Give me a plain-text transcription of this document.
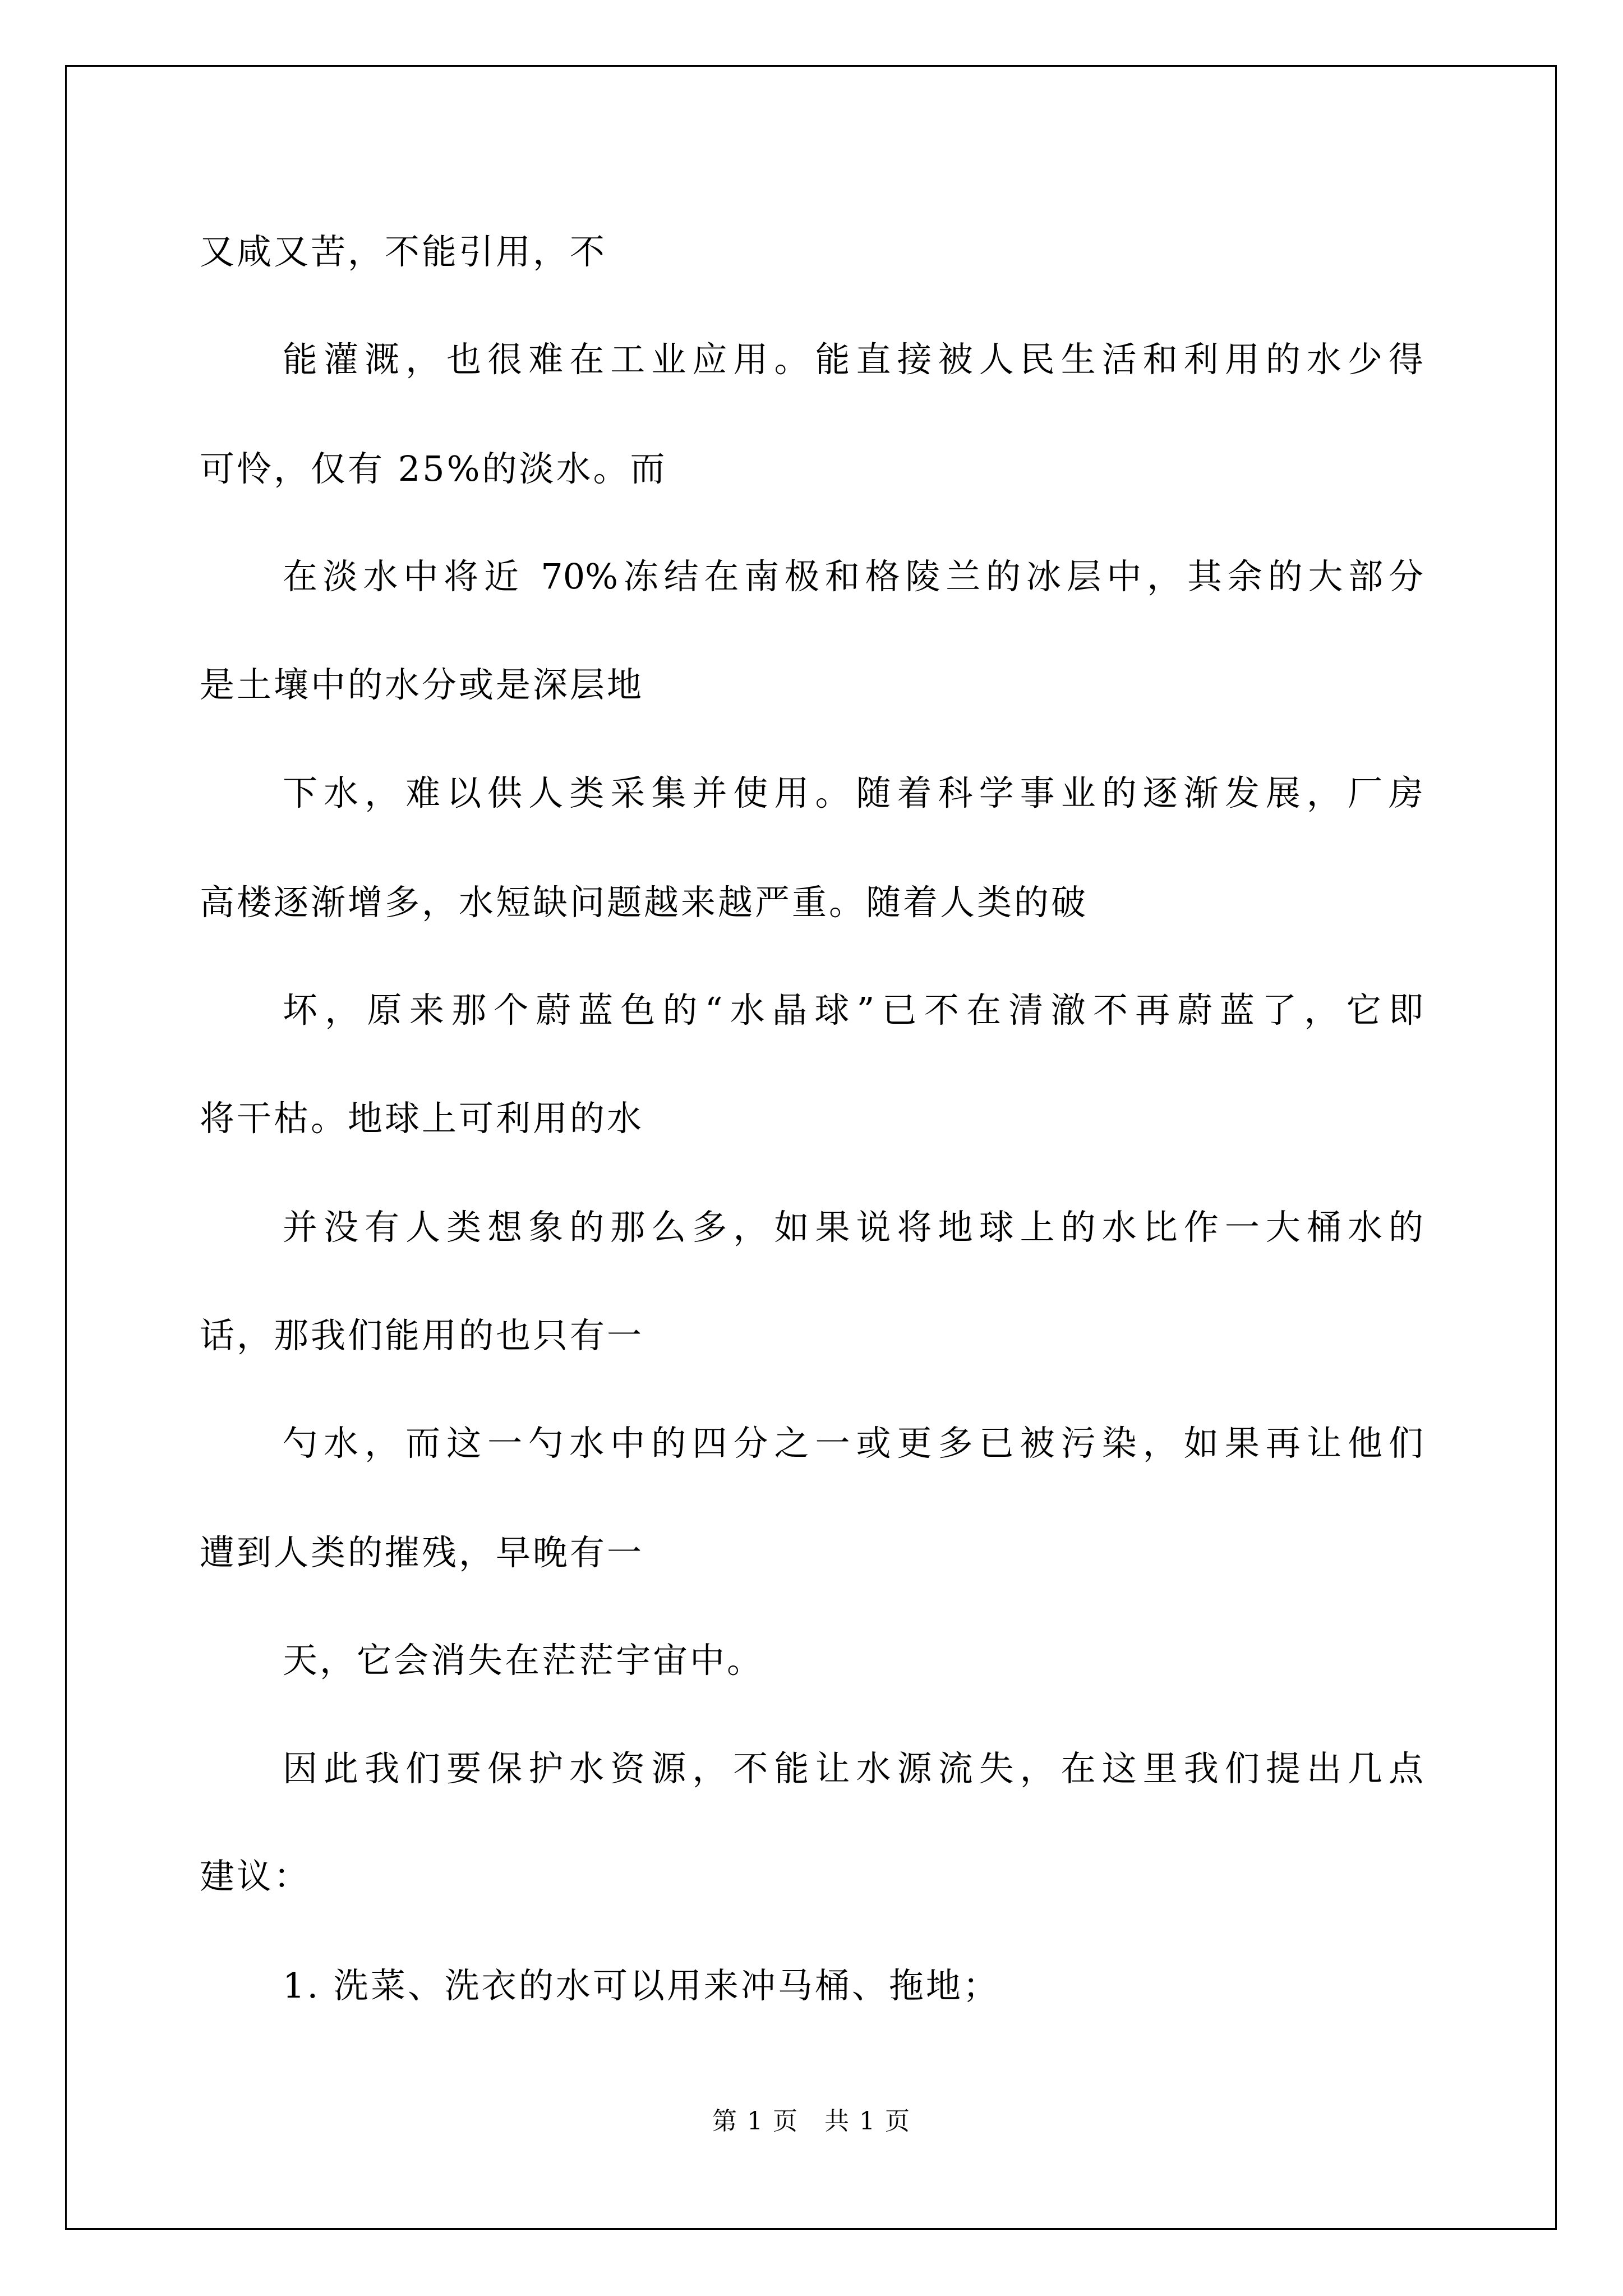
又咸又苦，不能引用，不
能灌溉，也很难在工业应用。能直接被人民生活和利用的水少得
可怜，仅有 25%的淡水。而
在淡水中将近 70%冻结在南极和格陵兰的冰层中，其余的大部分
是土壤中的水分或是深层地
下水，难以供人类采集并使用。随着科学事业的逐渐发展，厂房
高楼逐渐增多，水短缺问题越来越严重。随着人类的破
坏，原来那个蔚蓝色的“水晶球”已不在清澈不再蔚蓝了，它即
将干枯。地球上可利用的水
并没有人类想象的那么多，如果说将地球上的水比作一大桶水的
话，那我们能用的也只有一
勺水，而这一勺水中的四分之一或更多已被污染，如果再让他们
遭到人类的摧残，早晚有一
天，它会消失在茫茫宇宙中。
因此我们要保护水资源，不能让水源流失，在这里我们提出几点
建议：
1. 洗菜、洗衣的水可以用来冲马桶、拖地；
第 1 页　共 1 页
